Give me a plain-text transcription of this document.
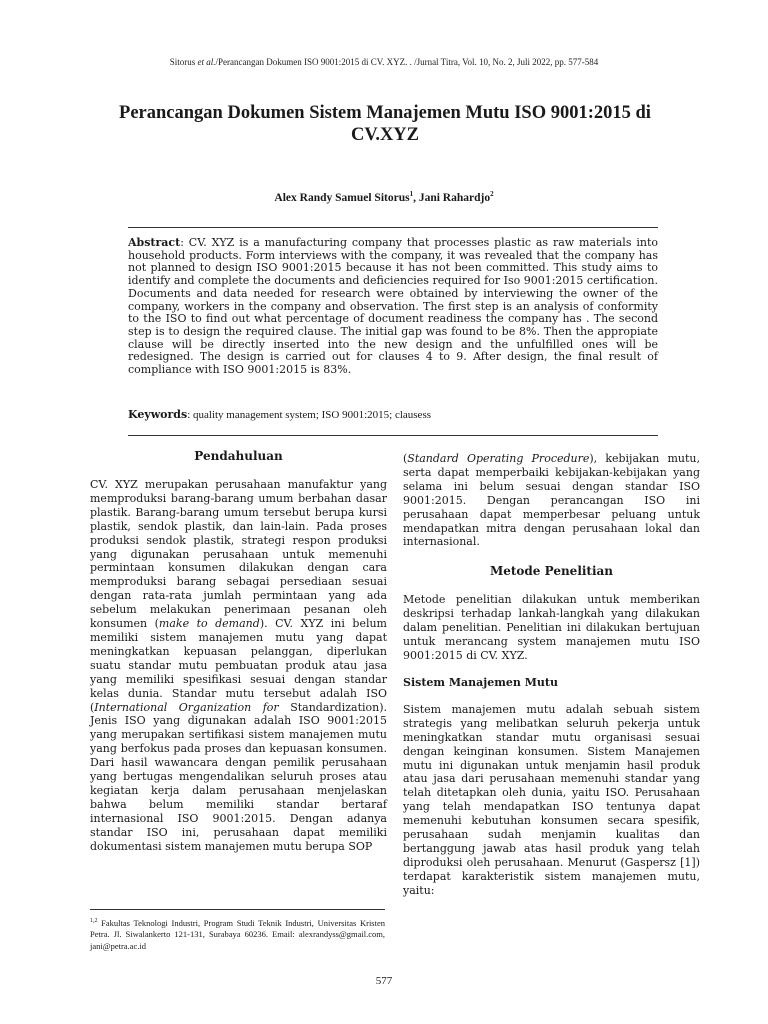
Sitorus et al./Perancangan Dokumen ISO 9001:2015 di CV. XYZ. . /Jurnal Titra, Vol. 10, No. 2, Juli 2022, pp. 577-584
Perancangan Dokumen Sistem Manajemen Mutu ISO 9001:2015 di CV.XYZ
Alex Randy Samuel Sitorus$^1$, Jani Rahardjo$^2$

Abstract: CV. XYZ is a manufacturing company that processes plastic as raw materials into household products. Form interviews with the company, it was revealed that the company has not planned to design ISO 9001:2015 because it has not been committed. This study aims to identify and complete the documents and deficiencies required for Iso 9001:2015 certification. Documents and data needed for research were obtained by interviewing the owner of the company, workers in the company and observation. The first step is an analysis of conformity to the ISO to find out what percentage of document readiness the company has . The second step is to design the required clause. The initial gap was found to be 8%. Then the appropiate clause will be directly inserted into the new design and the unfulfilled ones will be redesigned. The design is carried out for clauses 4 to 9. After design, the final result of compliance with ISO 9001:2015 is 83%.

Keywords: quality management system; ISO 9001:2015; clausess

Pendahuluan

CV. XYZ merupakan perusahaan manufaktur yang memproduksi barang-barang umum berbahan dasar plastik. Barang-barang umum tersebut berupa kursi plastik, sendok plastik, dan lain-lain. Pada proses produksi sendok plastik, strategi respon produksi yang digunakan perusahaan untuk memenuhi permintaan konsumen dilakukan dengan cara memproduksi barang sebagai persediaan sesuai dengan rata-rata jumlah permintaan yang ada sebelum melakukan penerimaan pesanan oleh konsumen (make to demand). CV. XYZ ini belum memiliki sistem manajemen mutu yang dapat meningkatkan kepuasan pelanggan, diperlukan suatu standar mutu pembuatan produk atau jasa yang memiliki spesifikasi sesuai dengan standar kelas dunia. Standar mutu tersebut adalah ISO (International Organization for Standardization). Jenis ISO yang digunakan adalah ISO 9001:2015 yang merupakan sertifikasi sistem manajemen mutu yang berfokus pada proses dan kepuasan konsumen. Dari hasil wawancara dengan pemilik perusahaan yang bertugas mengendalikan seluruh proses atau kegiatan kerja dalam perusahaan menjelaskan bahwa belum memiliki standar bertaraf internasional ISO 9001:2015. Dengan adanya standar ISO ini, perusahaan dapat memiliki dokumentasi sistem manajemen mutu berupa SOP

(Standard Operating Procedure), kebijakan mutu, serta dapat memperbaiki kebijakan-kebijakan yang selama ini belum sesuai dengan standar ISO 9001:2015. Dengan perancangan ISO ini perusahaan dapat memperbesar peluang untuk mendapatkan mitra dengan perusahaan lokal dan internasional.

Metode Penelitian

Metode penelitian dilakukan untuk memberikan deskripsi terhadap lankah-langkah yang dilakukan dalam penelitian. Penelitian ini dilakukan bertujuan untuk merancang system manajemen mutu ISO 9001:2015 di CV. XYZ.

Sistem Manajemen Mutu

Sistem manajemen mutu adalah sebuah sistem strategis yang melibatkan seluruh pekerja untuk meningkatkan standar mutu organisasi sesuai dengan keinginan konsumen. Sistem Manajemen mutu ini digunakan untuk menjamin hasil produk atau jasa dari perusahaan memenuhi standar yang telah ditetapkan oleh dunia, yaitu ISO. Perusahaan yang telah mendapatkan ISO tentunya dapat memenuhi kebutuhan konsumen secara spesifik, perusahaan sudah menjamin kualitas dan bertanggung jawab atas hasil produk yang telah diproduksi oleh perusahaan. Menurut (Gaspersz [1]) terdapat karakteristik sistem manajemen mutu, yaitu:

$^{1,2}$ Fakultas Teknologi Industri, Program Studi Teknik Industri, Universitas Kristen Petra. Jl. Siwalankerto 121-131, Surabaya 60236. Email: alexrandyss@gmail.com, jani@petra.ac.id

577
